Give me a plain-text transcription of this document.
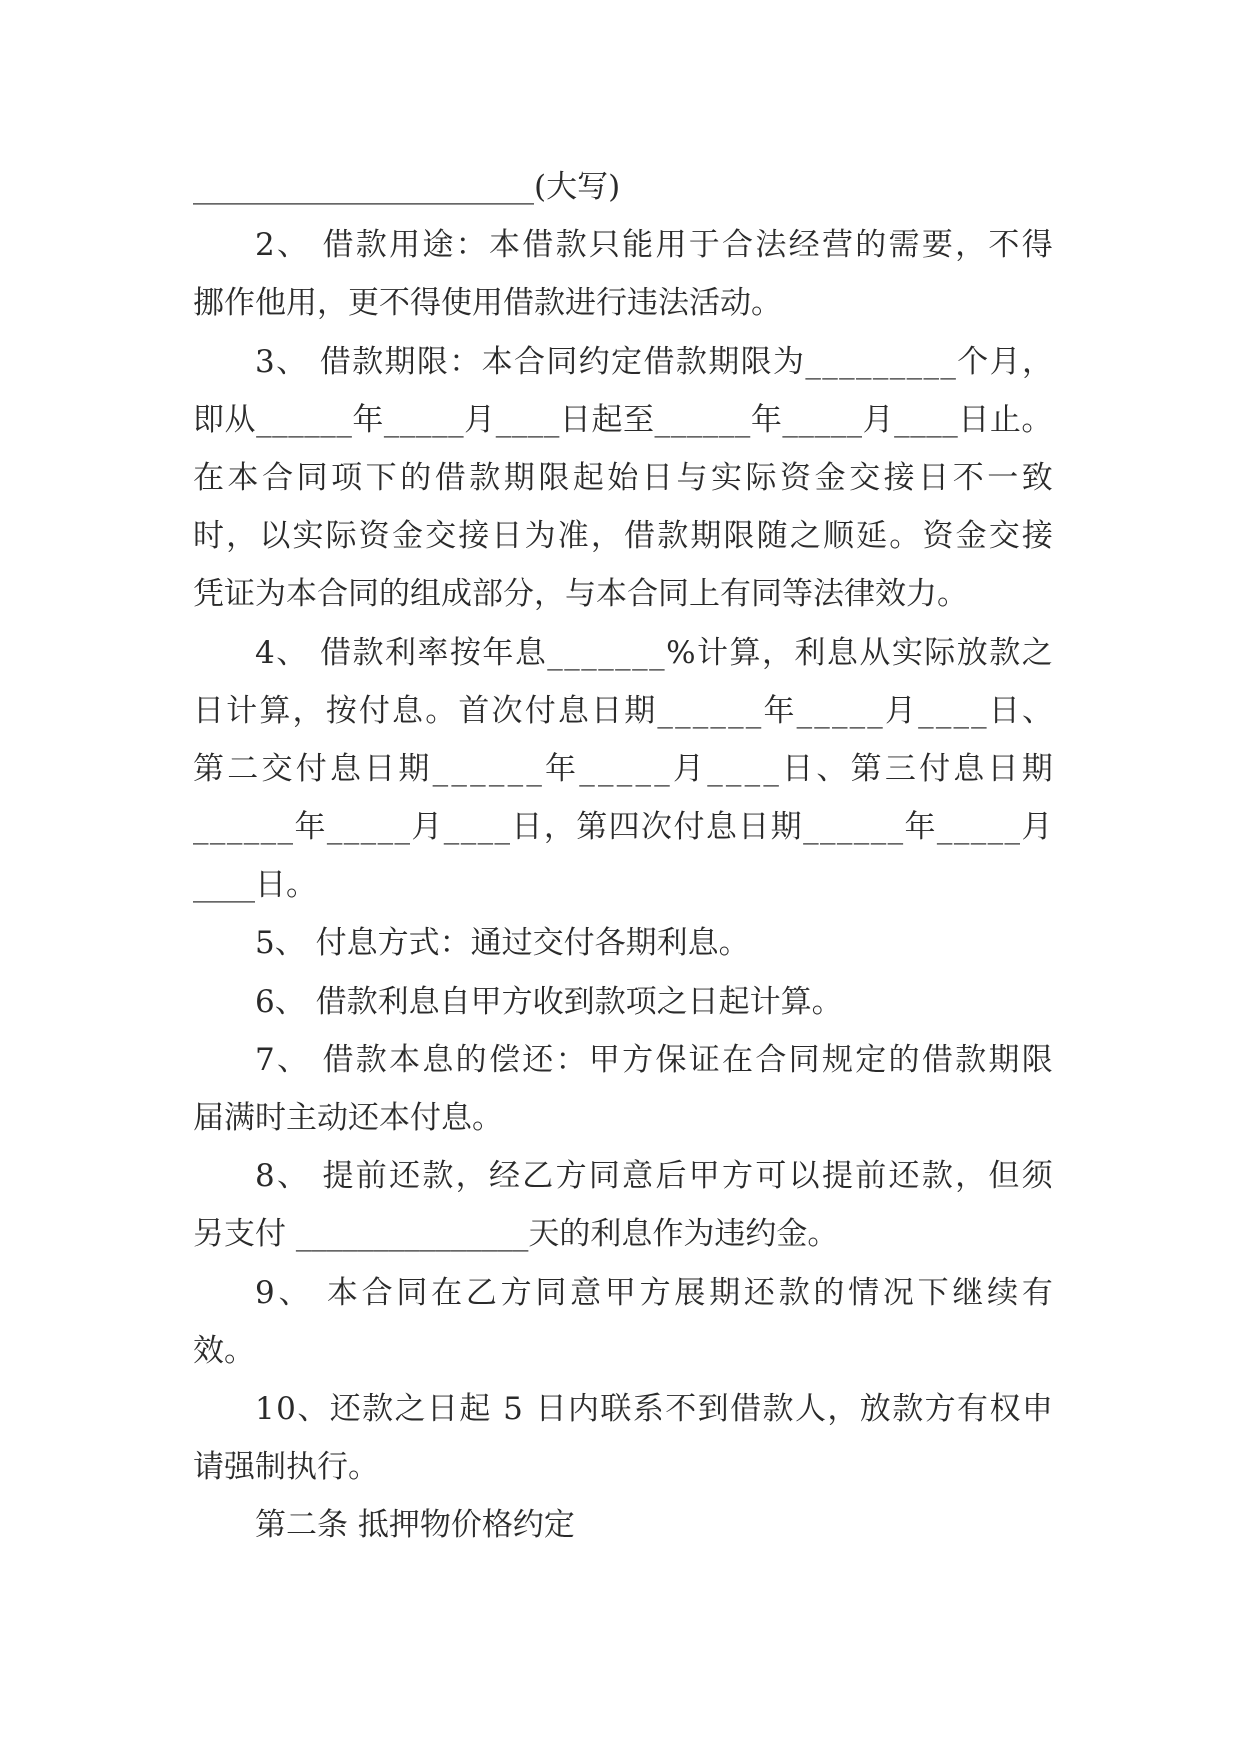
______________________(大写)
2 、
借 款 用 途 ： 本 借 款 只 能 用 于 合 法 经 营 的 需 要 ， 不 得
挪作他用，更不得使用借款进行违法活动。
3 、
借 款 期 限 ： 本 合 同 约 定 借 款 期 限 为 _ _ _ _ _ _ _ _ _ 个 月 ，
即 从 _ _ _ _ _ _ 年 _ _ _ _ _ 月 _ _ _ _ 日 起 至 _ _ _ _ _ _ 年 _ _ _ _ _ 月 _ _ _ _ 日 止 。
在 本 合 同 项 下 的 借 款 期 限 起 始 日 与 实 际 资 金 交 接 日 不 一 致
时 ， 以 实 际 资 金 交 接 日 为 准 ， 借 款 期 限 随 之 顺 延 。 资 金 交 接
凭证为本合同的组成部分，与本合同上有同等法律效力。
4 、
借 款 利 率 按 年 息 _ _ _ _ _ _ _ % 计 算 ， 利 息 从 实 际 放 款 之
日 计 算 ， 按 付 息 。 首 次 付 息 日 期 _ _ _ _ _ _ 年 _ _ _ _ _ 月 _ _ _ _ 日 、
第 二 交 付 息 日 期 _ _ _ _ _ _ 年 _ _ _ _ _ 月 _ _ _ _ 日 、 第 三 付 息 日 期
_ _ _ _ _ _ 年 _ _ _ _ _ 月 _ _ _ _ 日 ， 第 四 次 付 息 日 期 _ _ _ _ _ _ 年 _ _ _ _ _ 月
____日。
5、 付息方式：通过交付各期利息。
6、 借款利息自甲方收到款项之日起计算。
7 、
借 款 本 息 的 偿 还 ： 甲 方 保 证 在 合 同 规 定 的 借 款 期 限
届满时主动还本付息。
8 、
提 前 还 款 ， 经 乙 方 同 意 后 甲 方 可 以 提 前 还 款 ， 但 须
另支付 _______________天的利息作为违约金。
9 、
本 合 同 在 乙 方 同 意 甲 方 展 期 还 款 的 情 况 下 继 续 有
效。
1 0 、 还 款 之 日 起
5
日 内 联 系 不 到 借 款 人 ， 放 款 方 有 权 申
请强制执行。
第二条 抵押物价格约定
